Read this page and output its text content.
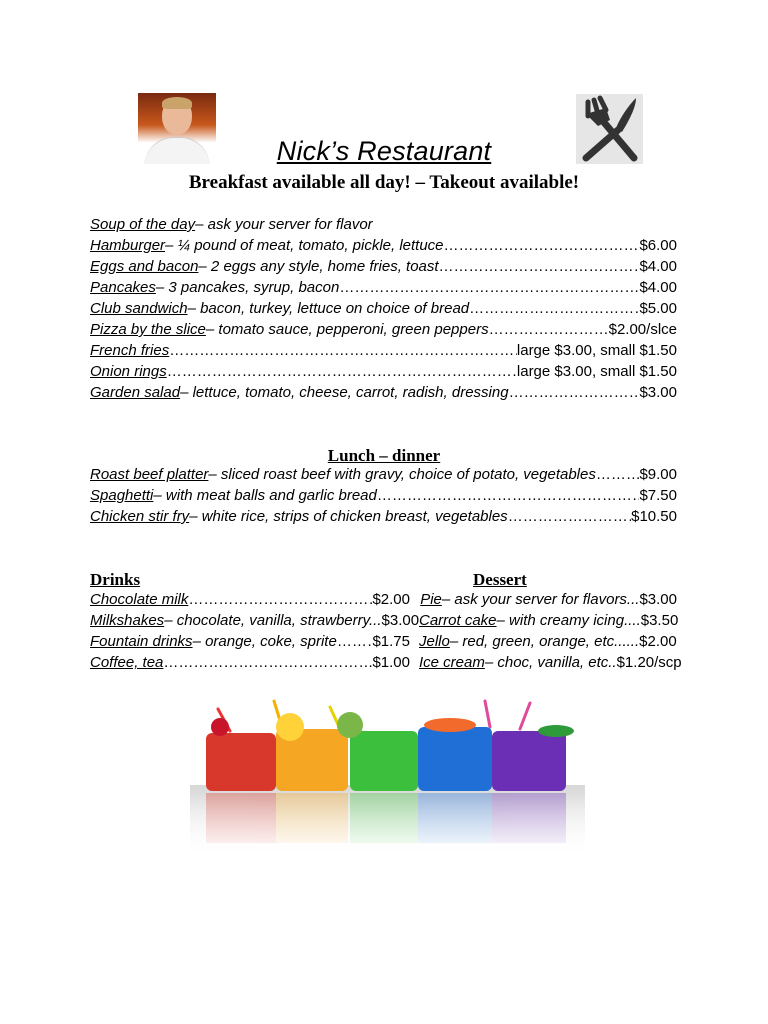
Nick’s Restaurant
Breakfast available all day! – Takeout available!
Soup of the day – ask your server for flavor
Hamburger – ¼ pound of meat, tomato, pickle, lettuce ……………………………………………………………………………………………………………………………………………………………………	$6.00
Eggs and bacon – 2 eggs any style, home fries, toast ……………………………………………………………………………………………………………………………………………………………………	$4.00
Pancakes – 3 pancakes, syrup, bacon ……………………………………………………………………………………………………………………………………………………………………	$4.00
Club sandwich – bacon, turkey, lettuce on choice of bread ……………………………………………………………………………………………………………………………………………………………………	$5.00
Pizza by the slice – tomato sauce, pepperoni, green peppers ……………………………………………………………………………………………………………………………………………………………………	$2.00/slce
French fries ……………………………………………………………………………………………………………………………………………………………………	large $3.00, small $1.50
Onion rings ……………………………………………………………………………………………………………………………………………………………………	large $3.00, small $1.50
Garden salad – lettuce, tomato, cheese, carrot, radish, dressing ……………………………………………………………………………………………………………………………………………………………………	$3.00
Lunch – dinner
Roast beef platter – sliced roast beef with gravy, choice of potato, vegetables ……………………………………………………………………………………………………………………………………………………………………	$9.00
Spaghetti – with meat balls and garlic bread ……………………………………………………………………………………………………………………………………………………………………	$7.50
Chicken stir fry – white rice, strips of chicken breast, vegetables ……………………………………………………………………………………………………………………………………………………………………	$10.50
Drinks	Dessert
Chocolate milk ……………………………………………………………………………………………………	$2.00
Milkshakes – chocolate, vanilla, strawberry... $3.00
Fountain drinks – orange, coke, sprite …………………………………………………………………………………………………… $1.75
Coffee, tea ……………………………………………………………………………………………………	$1.00
Pie – ask your server for flavors... $3.00
Carrot cake – with creamy icing.... $3.50
Jello – red, green, orange, etc...... $2.00
Ice cream – choc, vanilla, etc.. $1.20/scp
